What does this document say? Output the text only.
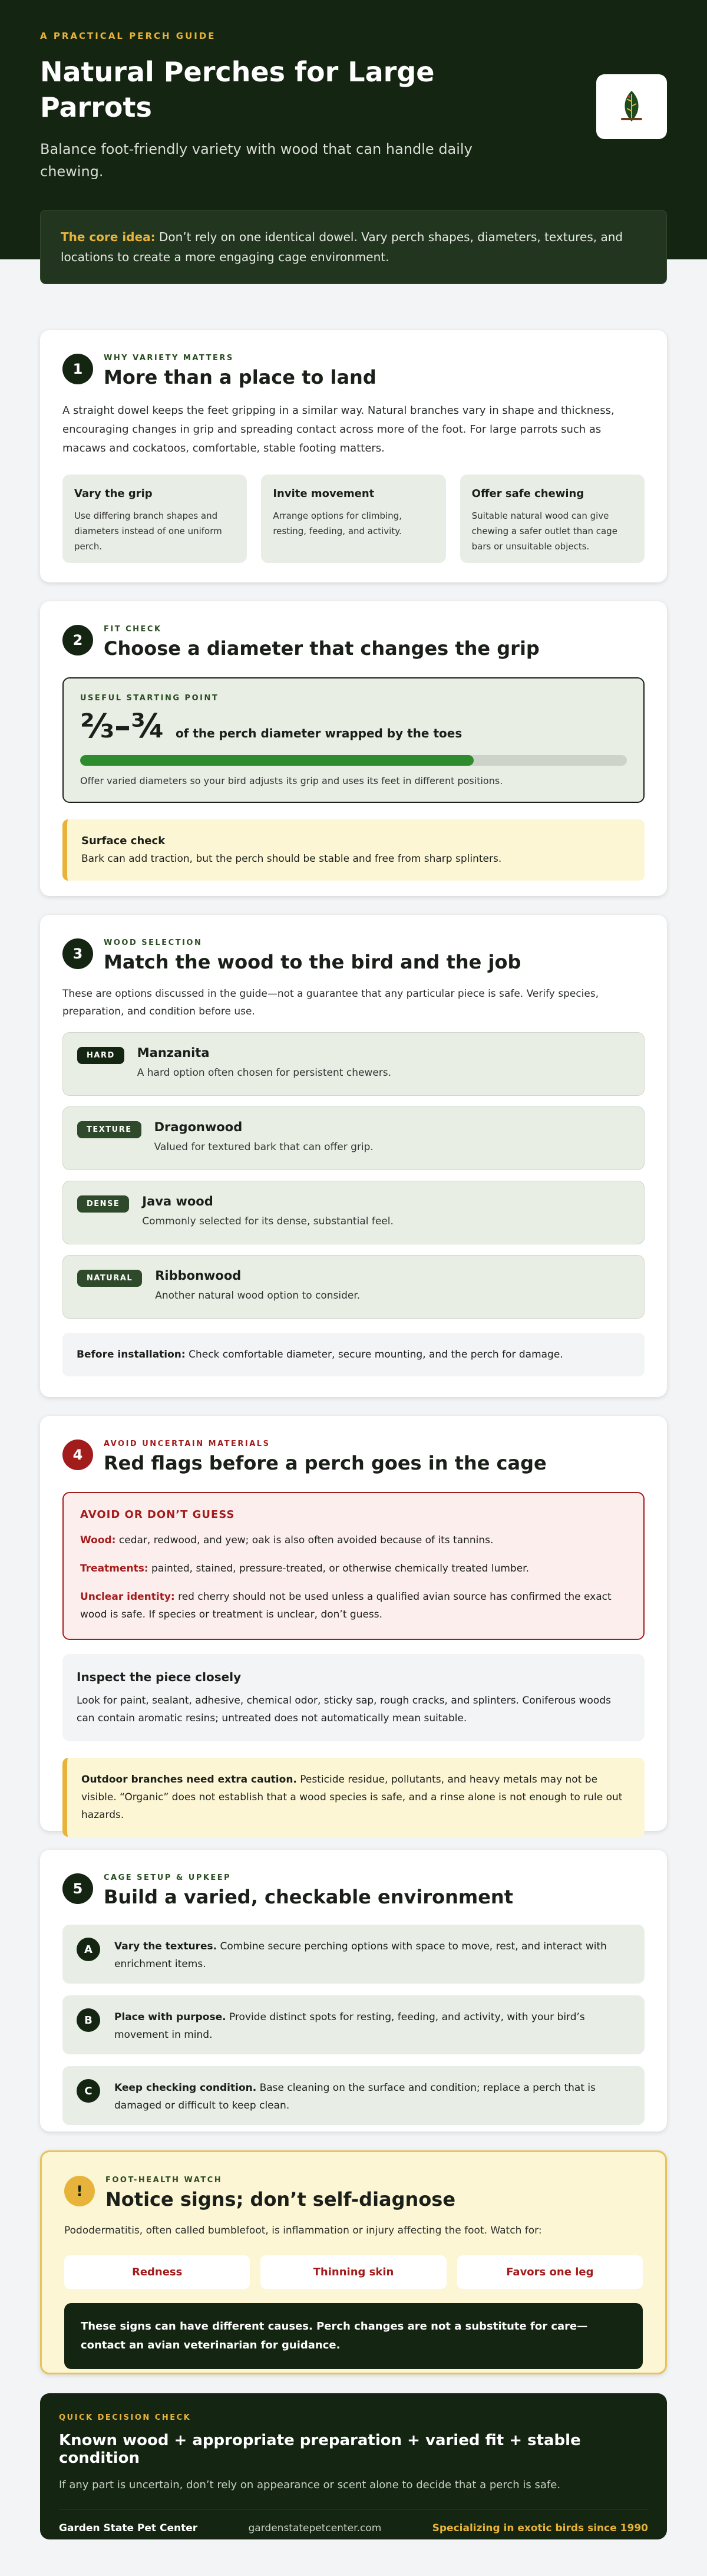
A PRACTICAL PERCH GUIDE
Natural Perches for Large Parrots
Balance foot-friendly variety with wood that can handle daily chewing.
The core idea: Don’t rely on one identical dowel. Vary perch shapes, diameters, textures, and locations to create a more engaging cage environment.
1
WHY VARIETY MATTERS
More than a place to land

A straight dowel keeps the feet gripping in a similar way. Natural branches vary in shape and thickness, encouraging changes in grip and spreading contact across more of the foot. For large parrots such as macaws and cockatoos, comfortable, stable footing matters.

Vary the grip
Use differing branch shapes and diameters instead of one uniform perch.
Invite movement
Arrange options for climbing, resting, feeding, and activity.
Offer safe chewing
Suitable natural wood can give chewing a safer outlet than cage bars or unsuitable objects.
2
FIT CHECK
Choose a diameter that changes the grip
USEFUL STARTING POINT
⅔–¾ of the perch diameter wrapped by the toes
Offer varied diameters so your bird adjusts its grip and uses its feet in different positions.
Surface check
Bark can add traction, but the perch should be stable and free from sharp splinters.
3
WOOD SELECTION
Match the wood to the bird and the job

These are options discussed in the guide—not a guarantee that any particular piece is safe. Verify species, preparation, and condition before use.

HARD	Manzanita
A hard option often chosen for persistent chewers.
TEXTURE	Dragonwood
Valued for textured bark that can offer grip.
DENSE	Java wood
Commonly selected for its dense, substantial feel.
NATURAL	Ribbonwood
Another natural wood option to consider.
Before installation: Check comfortable diameter, secure mounting, and the perch for damage.
4
AVOID UNCERTAIN MATERIALS
Red flags before a perch goes in the cage
AVOID OR DON’T GUESS

Wood: cedar, redwood, and yew; oak is also often avoided because of its tannins.

Treatments: painted, stained, pressure-treated, or otherwise chemically treated lumber.

Unclear identity: red cherry should not be used unless a qualified avian source has confirmed the exact wood is safe. If species or treatment is unclear, don’t guess.

Inspect the piece closely
Look for paint, sealant, adhesive, chemical odor, sticky sap, rough cracks, and splinters. Coniferous woods can contain aromatic resins; untreated does not automatically mean suitable.
Outdoor branches need extra caution. Pesticide residue, pollutants, and heavy metals may not be visible. “Organic” does not establish that a wood species is safe, and a rinse alone is not enough to rule out hazards.
5
CAGE SETUP & UPKEEP
Build a varied, checkable environment
A	Vary the textures. Combine secure perching options with space to move, rest, and interact with enrichment items.
B	Place with purpose. Provide distinct spots for resting, feeding, and activity, with your bird’s movement in mind.
C	Keep checking condition. Base cleaning on the surface and condition; replace a perch that is damaged or difficult to keep clean.
!
FOOT-HEALTH WATCH
Notice signs; don’t self-diagnose

Pododermatitis, often called bumblefoot, is inflammation or injury affecting the foot. Watch for:

Redness	Thinning skin	Favors one leg
These signs can have different causes. Perch changes are not a substitute for care—contact an avian veterinarian for guidance.
QUICK DECISION CHECK
Known wood + appropriate preparation + varied fit + stable condition
If any part is uncertain, don’t rely on appearance or scent alone to decide that a perch is safe.
Garden State Pet Center	gardenstatepetcenter.com	Specializing in exotic birds since 1990
